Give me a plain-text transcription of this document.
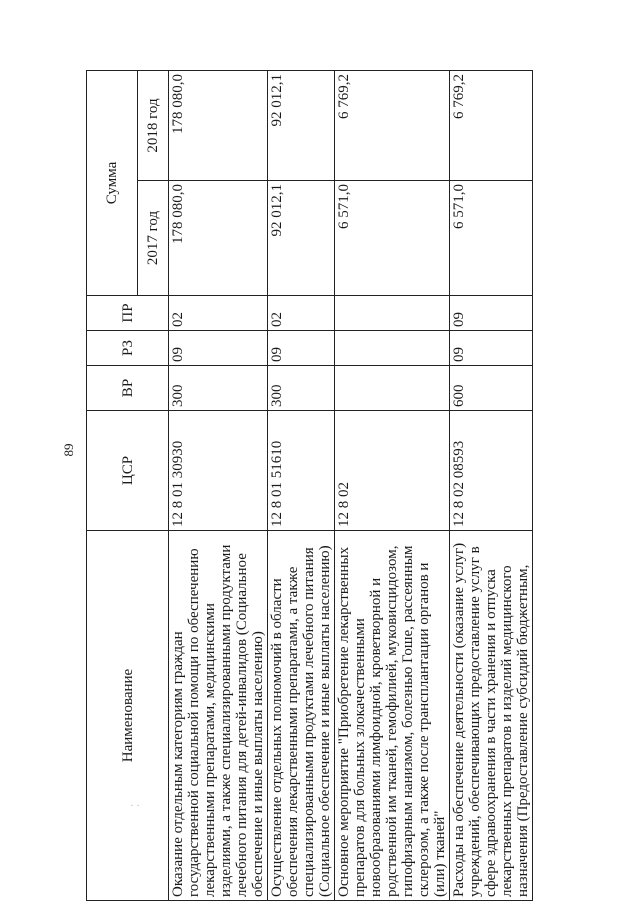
89
· ·
Наименование	ЦСР	ВР	РЗ	ПР	Сумма	
					2017 год	2018 год
Оказание отдельным категориям граждан государственной социальной помощи по обеспечению лекарственными препаратами, медицинскими изделиями, а также специализированными продуктами лечебного питания для детей-инвалидов (Социальное обеспечение и иные выплаты населению)	12 8 01 30930	300	09	02	178 080,0	178 080,0
Осуществление отдельных полномочий в области обеспечения лекарственными препаратами, а также специализированными продуктами лечебного питания (Социальное обеспечение и иные выплаты населению)	12 8 01 51610	300	09	02	92 012,1	92 012,1
Основное мероприятие "Приобретение лекарственных препаратов для больных злокачественными новообразованиями лимфоидной, кроветворной и родственной им тканей, гемофилией, муковисцидозом, гипофизарным нанизмом, болезнью Гоше, рассеянным склерозом, а также после трансплантации органов и (или) тканей"	12 8 02				6 571,0	6 769,2
Расходы на обеспечение деятельности (оказание услуг) учреждений, обеспечивающих предоставление услуг в сфере здравоохранения в части хранения и отпуска лекарственных препаратов и изделий медицинского назначения (Предоставление субсидий бюджетным,	12 8 02 08593	600	09	09	6 571,0	6 769,2
